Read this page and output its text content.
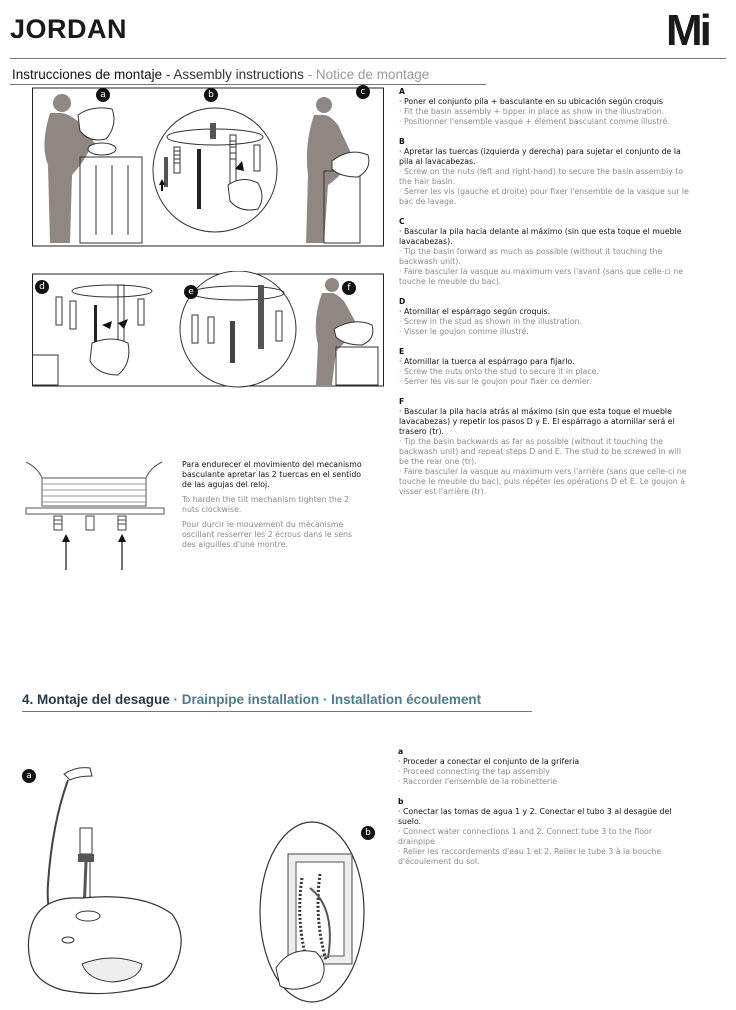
JORDAN	Mi
Instrucciones de montaje - Assembly instructions - Notice de montage
a	b	c
d	e	f

Para endurecer el movimiento del mecanismo basculante apretar las 2 tuercas en el sentido de las agujas del reloj.

To harden the tilt mechanism tighten the 2 nuts clockwise.

Pour durcir le mouvement du mécanisme oscillant resserrer les 2 écrous dans le sens des aiguilles d'une montre.

A
· Poner el conjunto pila + basculante en su ubicación según croquis
· Fit the basin assembly + tipper in place as show in the illustration.
· Positionner l'ensemble vasque + élément basculant comme illustré.
B
· Apretar las tuercas (izquierda y derecha) para sujetar el conjunto de la pila al lavacabezas.
· Screw on the nuts (left and right-hand) to secure the basin assembly to the hair basin.
· Serrer les vis (gauche et droite) pour fixer l'ensemble de la vasque sur le bac de lavage.
C
· Bascular la pila hacia delante al máximo (sin que esta toque el mueble lavacabezas).
· Tip the basin forward as much as possible (without it touching the backwash unit).
· Faire basculer la vasque au maximum vers l'avant (sans que celle-ci ne touche le meuble du bac).
D
· Atornillar el espárrago según croquis.
· Screw in the stud as shown in the illustration.
· Visser le goujon comme illustré.
E
· Atornillar la tuerca al espárrago para fijarlo.
· Screw the nuts onto the stud to secure it in place.
· Serrer les vis sur le goujon pour fixer ce dernier.
F
· Bascular la pila hacia atrás al máximo (sin que esta toque el mueble lavacabezas) y repetir los pasos D y E. El espárrago a atornillar será el trasero (tr).
· Tip the basin backwards as far as possible (without it touching the backwash unit) and repeat steps D and E. The stud to be screwed in will be the rear one (tr).
· Faire basculer la vasque au maximum vers l'arrière (sans que celle-ci ne touche le meuble du bac), puis répéter les opérations D et E. Le goujon à visser est l'arrière (tr).
4. Montaje del desague · Drainpipe installation · Installation écoulement
a
b
a
· Proceder a conectar el conjunto de la grifería
· Proceed connecting the tap assembly
· Raccorder l'ensemble de la robinetterie
b
· Conectar las tomas de agua 1 y 2. Conectar el tubo 3 al desagüe del suelo.
· Connect water connections 1 and 2. Connect tube 3 to the floor drainpipe
· Relier les raccordements d'eau 1 et 2. Relier le tube 3 à la bouche d'écoulement du sol.
